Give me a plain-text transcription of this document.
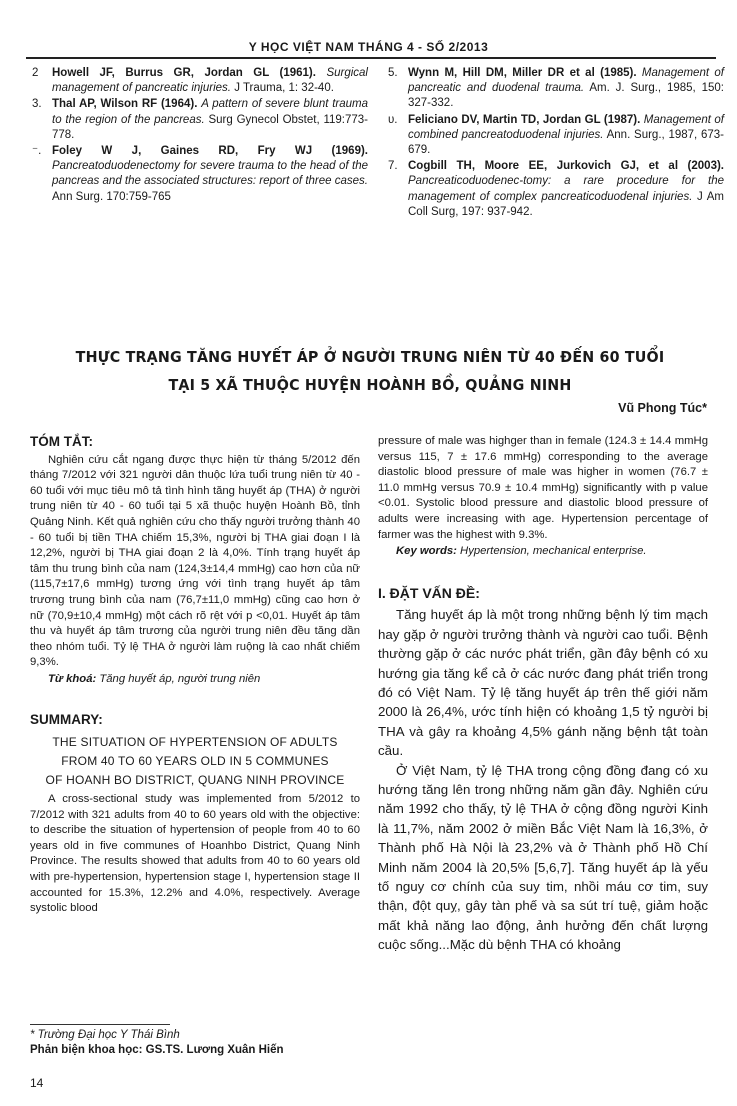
Y HỌC VIỆT NAM THÁNG 4 - SỐ 2/2013
2 Howell JF, Burrus GR, Jordan GL (1961). Surgical management of pancreatic injuries. J Trauma, 1: 32-40.
3. Thal AP, Wilson RF (1964). A pattern of severe blunt trauma to the region of the pancreas. Surg Gynecol Obstet, 119:773-778.
⁻. Foley W J, Gaines RD, Fry WJ (1969). Pancreatoduodenectomy for severe trauma to the head of the pancreas and the associated structures: report of three cases. Ann Surg. 170:759-765
5. Wynn M, Hill DM, Miller DR et al (1985). Management of pancreatic and duodenal trauma. Am. J. Surg., 1985, 150: 327-332.
υ. Feliciano DV, Martin TD, Jordan GL (1987). Management of combined pancreatoduodenal injuries. Ann. Surg., 1987, 673-679.
7. Cogbill TH, Moore EE, Jurkovich GJ, et al (2003). Pancreaticoduodenec-tomy: a rare procedure for the management of complex pancreaticoduodenal injuries. J Am Coll Surg, 197: 937-942.
THỰC TRẠNG TĂNG HUYẾT ÁP Ở NGƯỜI TRUNG NIÊN TỪ 40 ĐẾN 60 TUỔI
TẠI 5 XÃ THUỘC HUYỆN HOÀNH BỒ, QUẢNG NINH
Vũ Phong Túc*
TÓM TẮT:

Nghiên cứu cắt ngang được thực hiện từ tháng 5/2012 đến tháng 7/2012 với 321 người dân thuộc lứa tuổi trung niên từ 40 - 60 tuổi với mục tiêu mô tả tình hình tăng huyết áp (THA) ở người trung niên từ 40 - 60 tuổi tại 5 xã thuộc huyện Hoành Bồ, tỉnh Quảng Ninh. Kết quả nghiên cứu cho thấy người trưởng thành 40 - 60 tuổi bị tiền THA chiếm 15,3%, người bị THA giai đoạn I là 12,2%, người bị THA giai đoạn 2 là 4,0%. Tính trạng huyết áp tâm thu trung bình của nam (124,3±14,4 mmHg) cao hơn của nữ (115,7±17,6 mmHg) tương ứng với tình trạng huyết áp tâm trương trung bình của nam (76,7±11,0 mmHg) cũng cao hơn ở nữ (70,9±10,4 mmHg) một cách rõ rệt với p <0,01. Huyết áp tâm thu và huyết áp tâm trương của người trung niên đều tăng dần theo nhóm tuổi. Tỷ lệ THA ở người làm ruộng là cao nhất chiếm 9,3%.

Từ khoá: Tăng huyết áp, người trung niên

SUMMARY:
THE SITUATION OF HYPERTENSION OF ADULTS
FROM 40 TO 60 YEARS OLD IN 5 COMMUNES
OF HOANH BO DISTRICT, QUANG NINH PROVINCE

A cross-sectional study was implemented from 5/2012 to 7/2012 with 321 adults from 40 to 60 years old with the objective: to describe the situation of hypertension of people from 40 to 60 years old in five communes of Hoanhbo District, Quang Ninh Province. The results showed that adults from 40 to 60 years old with pre-hypertension, hypertension stage I, hypertension stage II accounted for 15.3%, 12.2% and 4.0%, respectively. Average systolic blood

pressure of male was highger than in female (124.3 ± 14.4 mmHg versus 115, 7 ± 17.6 mmHg) corresponding to the average diastolic blood pressure of male was higher in women (76.7 ± 11.0 mmHg versus 70.9 ± 10.4 mmHg) significantly with p value <0.01. Systolic blood pressure and diastolic blood pressure of adults were increasing with age. Hypertension percentage of farmer was the highest with 9.3%.

Key words: Hypertension, mechanical enterprise.

I. ĐẶT VẤN ĐỀ:

Tăng huyết áp là một trong những bệnh lý tim mạch hay gặp ở người trưởng thành và người cao tuổi. Bệnh thường gặp ở các nước phát triển, gần đây bệnh có xu hướng gia tăng kể cả ở các nước đang phát triển trong đó có Việt Nam. Tỷ lệ tăng huyết áp trên thế giới năm 2000 là 26,4%, ước tính hiện có khoảng 1,5 tỷ người bị THA và gây ra khoảng 4,5% gánh nặng bệnh tật toàn cầu.

Ở Việt Nam, tỷ lệ THA trong cộng đồng đang có xu hướng tăng lên trong những năm gần đây. Nghiên cứu năm 1992 cho thấy, tỷ lệ THA ở cộng đồng người Kinh là 11,7%, năm 2002 ở miền Bắc Việt Nam là 16,3%, ở Thành phố Hà Nội là 23,2% và ở Thành phố Hồ Chí Minh năm 2004 là 20,5% [5,6,7]. Tăng huyết áp là yếu tố nguy cơ chính của suy tim, nhồi máu cơ tim, suy thận, đột quỵ, gây tàn phế và sa sút trí tuệ, giảm hoặc mất khả năng lao động, ảnh hưởng đến chất lượng cuộc sống...Mặc dù bệnh THA có khoảng

* Trường Đại học Y Thái Bình
Phản biện khoa học: GS.TS. Lương Xuân Hiến
14
